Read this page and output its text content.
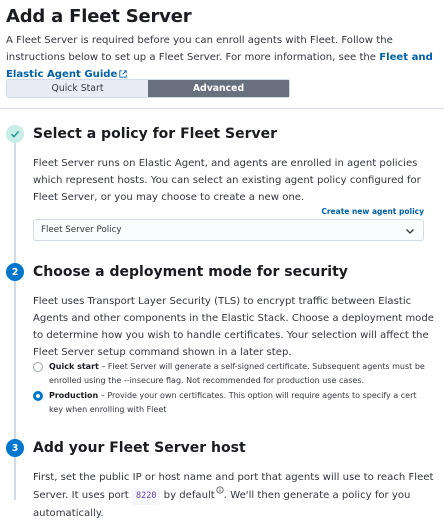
Add a Fleet Server
A Fleet Server is required before you can enroll agents with Fleet. Follow the instructions below to set up a Fleet Server. For more information, see the Fleet and Elastic Agent Guide
Quick Start	Advanced
Select a policy for Fleet Server
Fleet Server runs on Elastic Agent, and agents are enrolled in agent policies which represent hosts. You can select an existing agent policy configured for Fleet Server, or you may choose to create a new one.
Create new agent policy
Fleet Server Policy
2	Choose a deployment mode for security
Fleet uses Transport Layer Security (TLS) to encrypt traffic between Elastic Agents and other components in the Elastic Stack. Choose a deployment mode to determine how you wish to handle certificates. Your selection will affect the Fleet Server setup command shown in a later step.
Quick start – Fleet Server will generate a self-signed certificate. Subsequent agents must be enrolled using the --insecure flag. Not recommended for production use cases.
Production – Provide your own certificates. This option will require agents to specify a cert key when enrolling with Fleet
3	Add your Fleet Server host
First, set the public IP or host name and port that agents will use to reach Fleet Server. It uses port 8220 by default . We'll then generate a policy for you automatically.
